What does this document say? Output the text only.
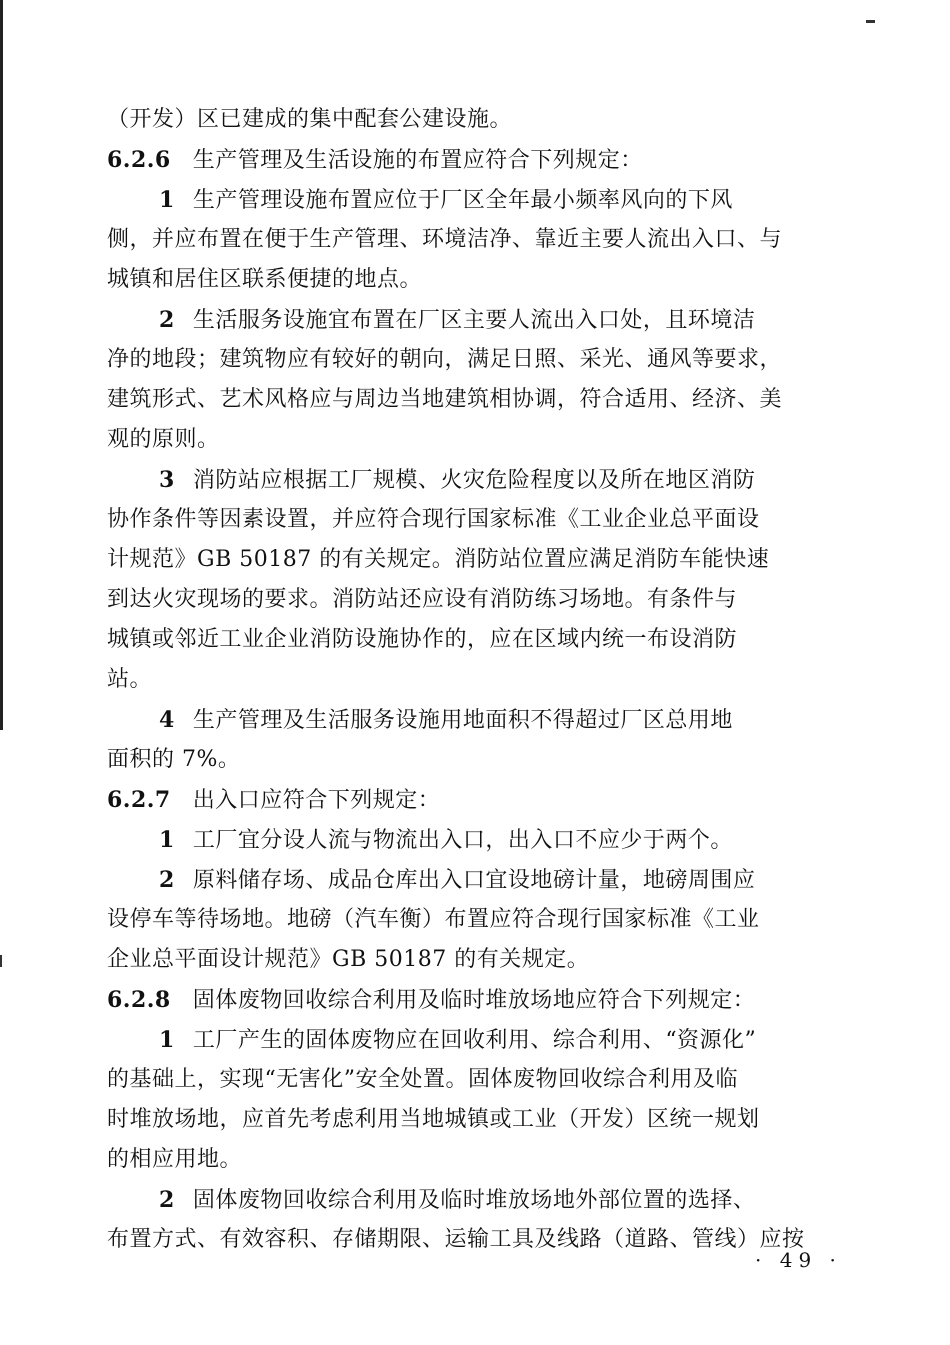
（开发）区已建成的集中配套公建设施。
6.2.6 生产管理及生活设施的布置应符合下列规定：
1 生产管理设施布置应位于厂区全年最小频率风向的下风
侧，并应布置在便于生产管理、环境洁净、靠近主要人流出入口、与
城镇和居住区联系便捷的地点。
2 生活服务设施宜布置在厂区主要人流出入口处，且环境洁
净的地段；建筑物应有较好的朝向，满足日照、采光、通风等要求，
建筑形式、艺术风格应与周边当地建筑相协调，符合适用、经济、美
观的原则。
3 消防站应根据工厂规模、火灾危险程度以及所在地区消防
协作条件等因素设置，并应符合现行国家标准《工业企业总平面设
计规范》GB 50187 的有关规定。消防站位置应满足消防车能快速
到达火灾现场的要求。消防站还应设有消防练习场地。有条件与
城镇或邻近工业企业消防设施协作的，应在区域内统一布设消防
站。
4 生产管理及生活服务设施用地面积不得超过厂区总用地
面积的 7%。
6.2.7 出入口应符合下列规定：
1 工厂宜分设人流与物流出入口，出入口不应少于两个。
2 原料储存场、成品仓库出入口宜设地磅计量，地磅周围应
设停车等待场地。地磅（汽车衡）布置应符合现行国家标准《工业
企业总平面设计规范》GB 50187 的有关规定。
6.2.8 固体废物回收综合利用及临时堆放场地应符合下列规定：
1 工厂产生的固体废物应在回收利用、综合利用、“资源化”
的基础上，实现“无害化”安全处置。固体废物回收综合利用及临
时堆放场地，应首先考虑利用当地城镇或工业（开发）区统一规划
的相应用地。
2 固体废物回收综合利用及临时堆放场地外部位置的选择、
布置方式、有效容积、存储期限、运输工具及线路（道路、管线）应按
· 49 ·
